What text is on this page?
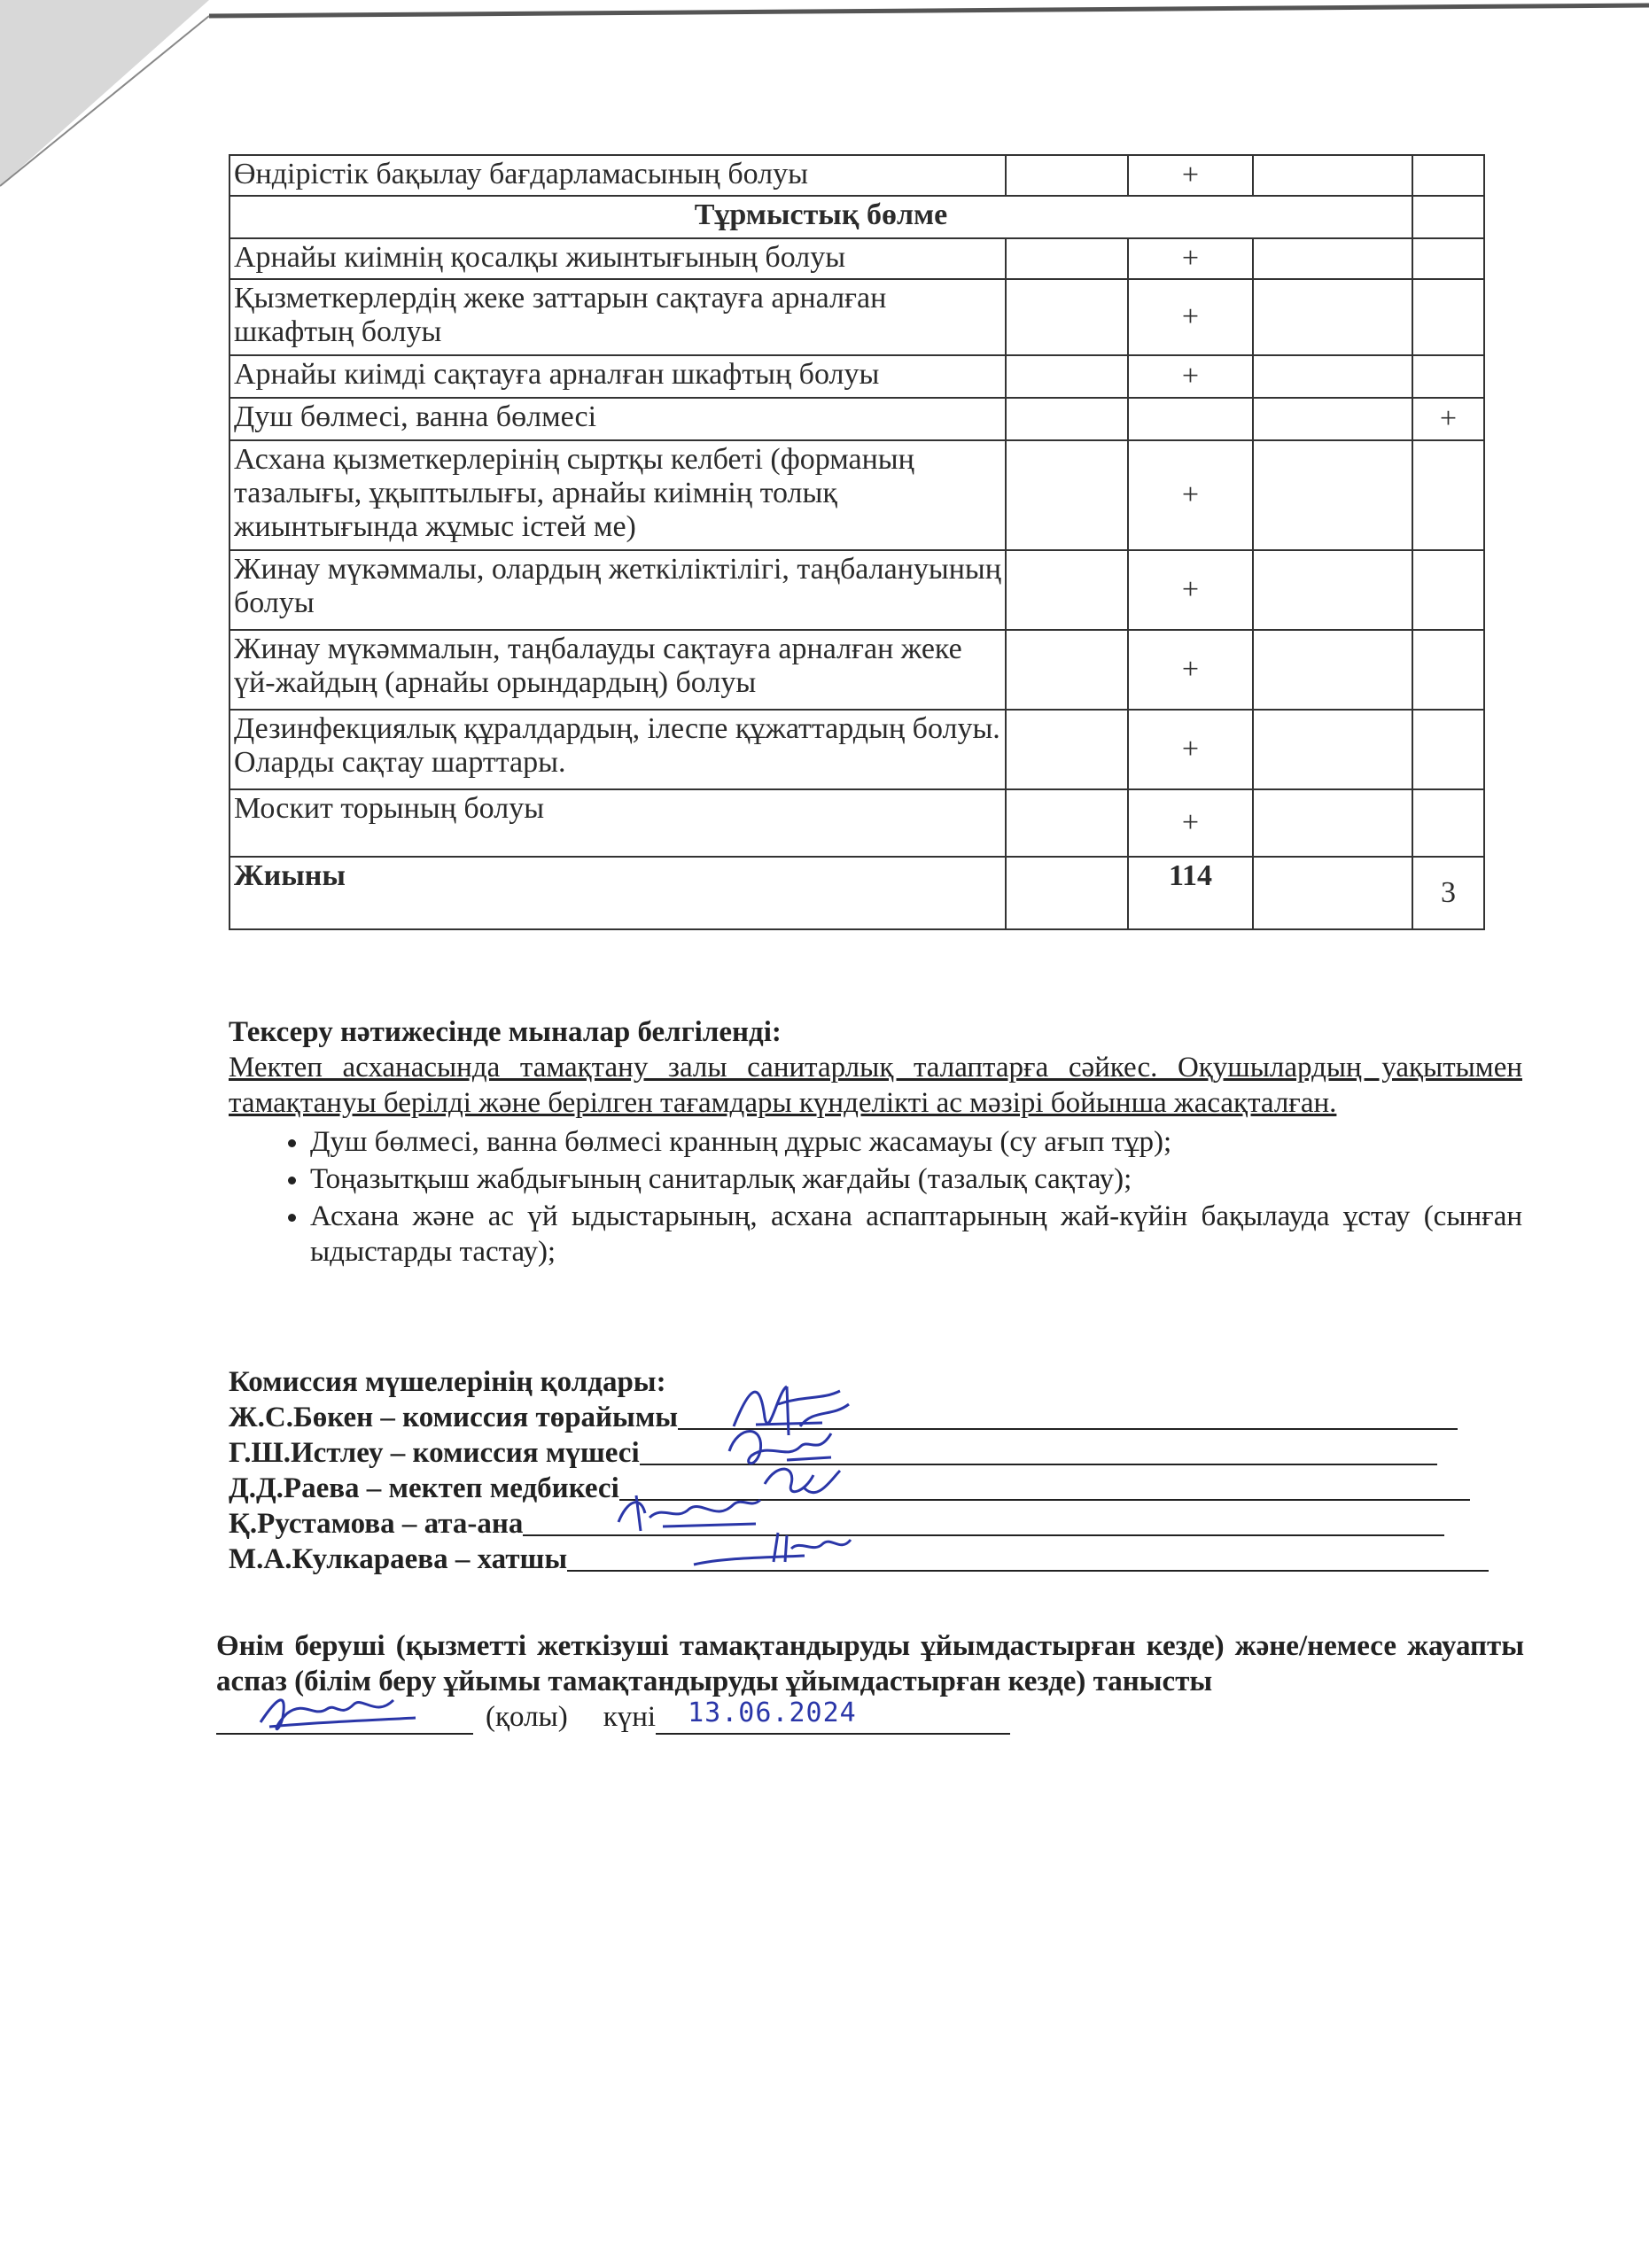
Өндірістік бақылау бағдарламасының болуы		+		
Тұрмыстық бөлме				
Арнайы киімнің қосалқы жиынтығының болуы		+		
Қызметкерлердің жеке заттарын сақтауға арналған шкафтың болуы		+		
Арнайы киімді сақтауға арналған шкафтың болуы		+		
Душ бөлмесі, ванна бөлмесі				+
Асхана қызметкерлерінің сыртқы келбеті (форманың тазалығы, ұқыптылығы, арнайы киімнің толық жиынтығында жұмыс істей ме)		+		
Жинау мүкәммалы, олардың жеткіліктілігі, таңбалануының болуы		+		
Жинау мүкәммалын, таңбалауды сақтауға арналған жеке үй-жайдың (арнайы орындардың) болуы		+		
Дезинфекциялық құралдардың, ілеспе құжаттардың болуы. Оларды сақтау шарттары.		+		
Москит торының болуы		+		
Жиыны		114		3
Тексеру нәтижесінде мыналар белгіленді:
Мектеп асханасында тамақтану залы санитарлық талаптарға сәйкес. Оқушылардың уақытымен тамақтануы берілді және берілген тағамдары күнделікті ас мәзірі бойынша жасақталған.
• Душ бөлмесі, ванна бөлмесі кранның дұрыс жасамауы (су ағып тұр);
• Тоңазытқыш жабдығының санитарлық жағдайы (тазалық сақтау);
• Асхана және ас үй ыдыстарының, асхана аспаптарының жай-күйін бақылауда ұстау (сынған ыдыстарды тастау);
Комиссия мүшелерінің қолдары:
Ж.С.Бөкен – комиссия төрайымы
Г.Ш.Истлеу – комиссия мүшесі
Д.Д.Раева – мектеп медбикесі
Қ.Рустамова – ата-ана
М.А.Кулкараева – хатшы
Өнім беруші (қызметті жеткізуші тамақтандыруды ұйымдастырған кезде) және/немесе жауапты аспаз (білім беру ұйымы тамақтандыруды ұйымдастырған кезде) танысты
(қолы) күні 13.06.2024
